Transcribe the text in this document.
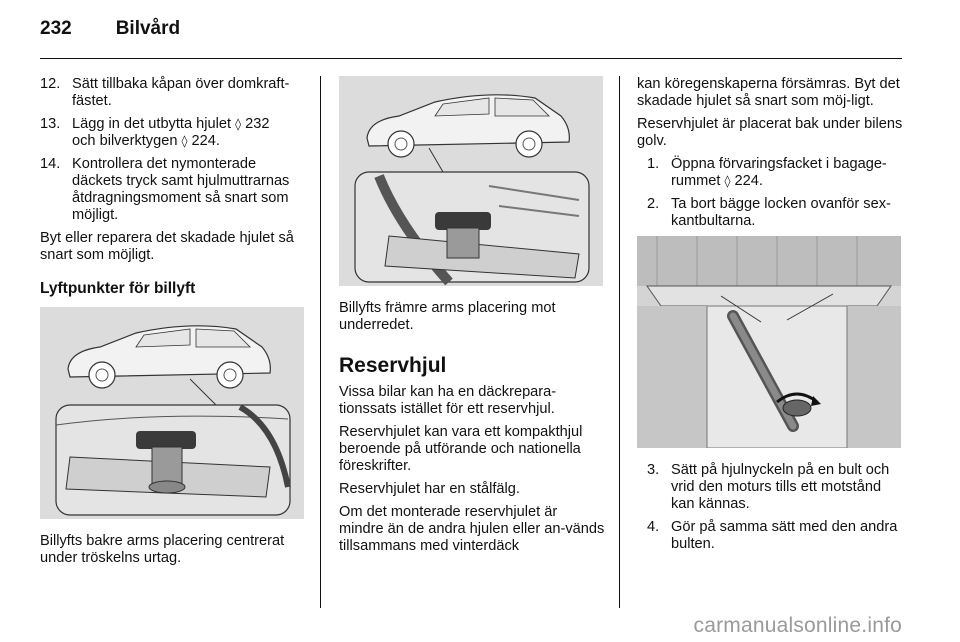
232 Bilvård
12. Sätt tillbaka kåpan över domkraft-fästet.
13. Lägg in det utbytta hjulet ◊ 232
och bilverktygen ◊ 224.
14. Kontrollera det nymonterade däckets tryck samt hjulmuttrarnas åtdragningsmoment så snart som möjligt.

Byt eller reparera det skadade hjulet så snart som möjligt.

Lyftpunkter för billyft

Billyfts bakre arms placering centrerat under tröskelns urtag.

Billyfts främre arms placering mot underredet.

Reservhjul

Vissa bilar kan ha en däckrepara-tionssats istället för ett reservhjul.

Reservhjulet kan vara ett kompakthjul beroende på utförande och nationella föreskrifter.

Reservhjulet har en stålfälg.

Om det monterade reservhjulet är mindre än de andra hjulen eller an-vänds tillsammans med vinterdäck

kan köregenskaperna försämras. Byt det skadade hjulet så snart som möj-ligt.

Reservhjulet är placerat bak under bilens golv.

1. Öppna förvaringsfacket i bagage-rummet ◊ 224.
2. Ta bort bägge locken ovanför sex-kantbultarna.
3. Sätt på hjulnyckeln på en bult och vrid den moturs tills ett motstånd kan kännas.
4. Gör på samma sätt med den andra bulten.
carmanualsonline.info
